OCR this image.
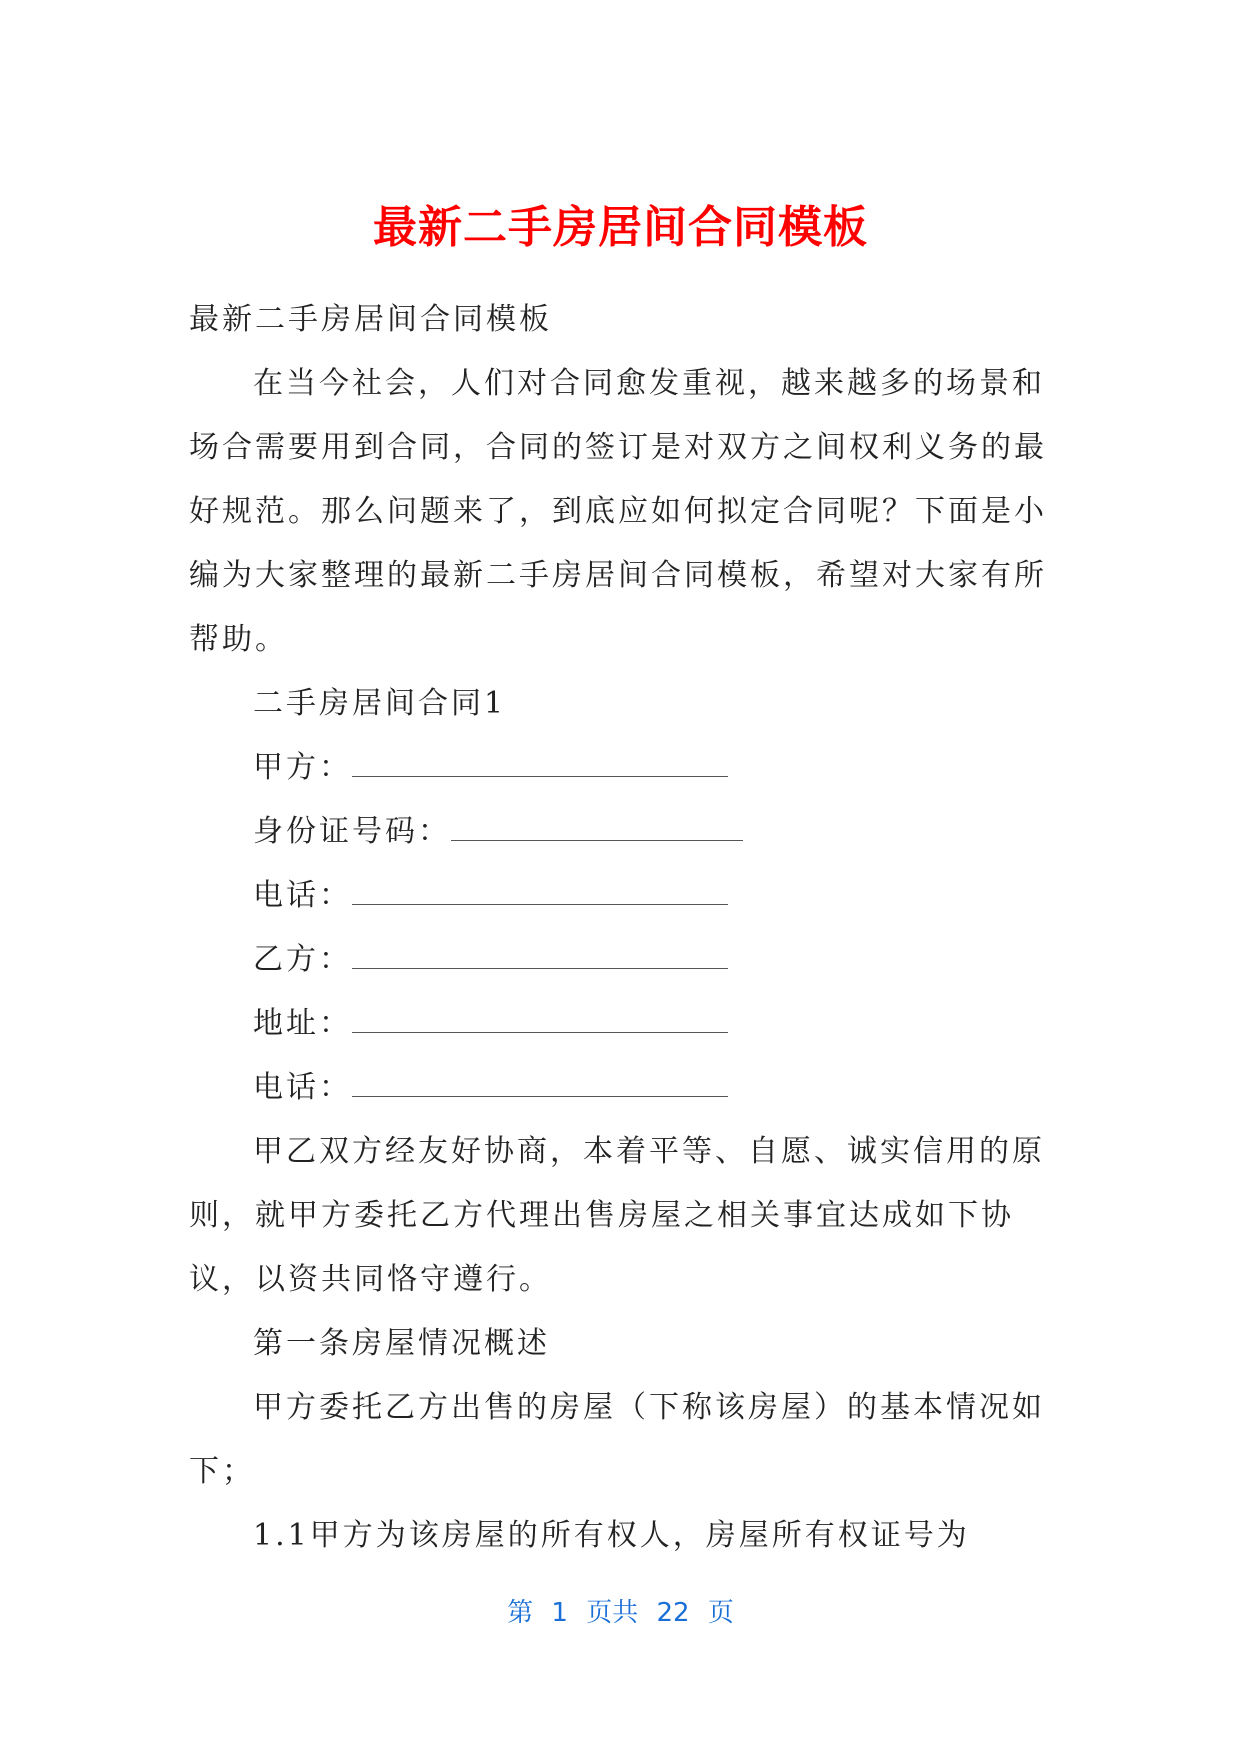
最新二手房居间合同模板

最新二手房居间合同模板

在当今社会，人们对合同愈发重视，越来越多的场景和场合需要用到合同，合同的签订是对双方之间权利义务的最好规范。那么问题来了，到底应如何拟定合同呢？下面是小编为大家整理的最新二手房居间合同模板，希望对大家有所帮助。

二手房居间合同1

甲方：

身份证号码：

电话：

乙方：

地址：

电话：

甲乙双方经友好协商，本着平等、自愿、诚实信用的原则，就甲方委托乙方代理出售房屋之相关事宜达成如下协议，以资共同恪守遵行。

第一条房屋情况概述

甲方委托乙方出售的房屋（下称该房屋）的基本情况如下；

1.1甲方为该房屋的所有权人，房屋所有权证号为

第 1 页共 22 页
